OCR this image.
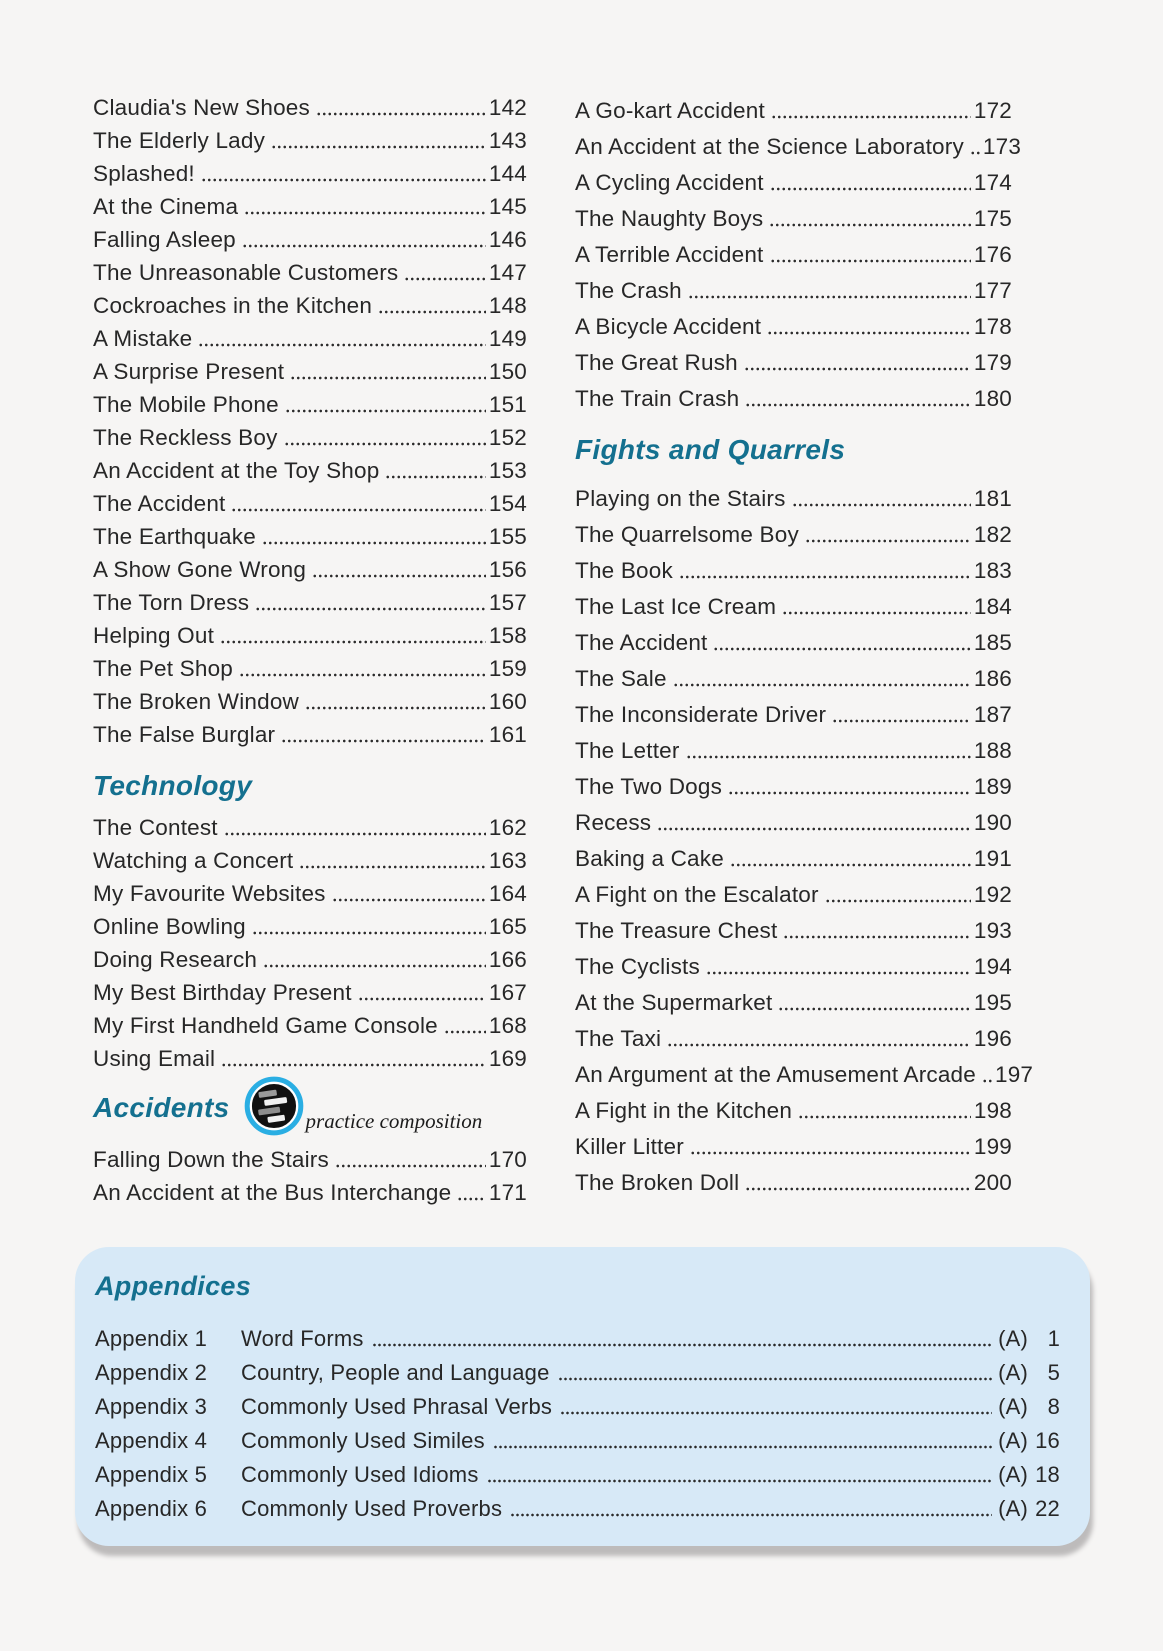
Claudia's New Shoes	142
The Elderly Lady	143
Splashed!	144
At the Cinema	145
Falling Asleep	146
The Unreasonable Customers	147
Cockroaches in the Kitchen	148
A Mistake	149
A Surprise Present	150
The Mobile Phone	151
The Reckless Boy	152
An Accident at the Toy Shop	153
The Accident	154
The Earthquake	155
A Show Gone Wrong	156
The Torn Dress	157
Helping Out	158
The Pet Shop	159
The Broken Window	160
The False Burglar	161
Technology
The Contest	162
Watching a Concert	163
My Favourite Websites	164
Online Bowling	165
Doing Research	166
My Best Birthday Present	167
My First Handheld Game Console 168
Using Email	169
Accidents	practice composition
Falling Down the Stairs	170
An Accident at the Bus Interchange 171
A Go-kart Accident	172
An Accident at the Science Laboratory 173
A Cycling Accident	174
The Naughty Boys	175
A Terrible Accident	176
The Crash	177
A Bicycle Accident	178
The Great Rush	179
The Train Crash	180
Fights and Quarrels
Playing on the Stairs	181
The Quarrelsome Boy	182
The Book	183
The Last Ice Cream	184
The Accident	185
The Sale	186
The Inconsiderate Driver	187
The Letter	188
The Two Dogs	189
Recess	190
Baking a Cake	191
A Fight on the Escalator	192
The Treasure Chest	193
The Cyclists	194
At the Supermarket	195
The Taxi	196
An Argument at the Amusement Arcade 197
A Fight in the Kitchen	198
Killer Litter	199
The Broken Doll	200
Appendices
Appendix 1	Word Forms	(A) 1
Appendix 2	Country, People and Language	(A) 5
Appendix 3	Commonly Used Phrasal Verbs	(A) 8
Appendix 4	Commonly Used Similes	(A) 16
Appendix 5	Commonly Used Idioms	(A) 18
Appendix 6	Commonly Used Proverbs	(A) 22
